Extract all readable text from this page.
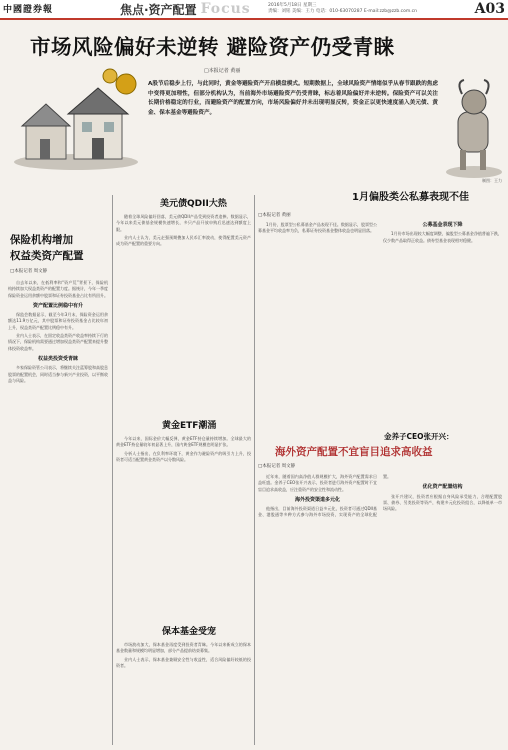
中國證券報	焦点·资产配置 Focus	2016年5月18日 星期三
责编：刘铭 美编：王力 电话：010-63070287 E-mail:zzb@zzb.com.cn	A03
市场风险偏好未逆转 避险资产仍受青睐
□本报记者 黄丽
A股节后稳步上行，与此同时，黄金等避险资产开启横盘模式。短期数据上，全球风险资产情绪似乎从春节跟跌的焦虑中变得更加理性，但部分机构认为，当前海外市场避险资产仍受青睐，标志着风险偏好并未逆转。保险资产可以关注长期价格稳定的行业，而避险资产的配置方向，市场风险偏好并未出现明显反转，资金正以更快速度涌入美元债、黄金、保本基金等避险资产。
制图：王力
保险机构增加
权益类资产配置
□本报记者 周文静

自去年以来，在低利率和“资产荒”背景下，保险机构持续加大权益类资产的配置力度。据统计，今年一季度保险资金运用余额中股票和证券投资基金占比有所回升。

资产配置比例稳中有升

保监会数据显示，截至今年3月末，保险资金运用余额达11.9万亿元，其中股票和证券投资基金占比较年初上升，权益类资产配置比例稳中有升。

业内人士表示，在固定收益类资产收益率持续下行的情况下，保险机构需要通过增加权益类资产配置来提升整体投资收益率。

权益类投资受青睐

多家保险资管公司表示，将继续关注蓝筹股和高股息股票的配置机会，同时适当参与新兴产业投资，以平衡收益与风险。

美元债QDII大热

随着全球风险偏好回落，美元债QDII产品受到投资者追捧。数据显示，今年以来美元债基金规模快速增长，多只产品开放申购后迅速达到额度上限。

业内人士认为，美元走强预期叠加人民币汇率波动，使得配置美元资产成为资产配置的重要方向。

黄金ETF潮涌

今年以来，国际金价大幅反弹，黄金ETF持仓量持续增加。全球最大的黄金ETF持仓量较年初显著上升，国内黄金ETF规模也明显扩张。

分析人士指出，在负利率环境下，黄金作为避险资产的吸引力上升，投资者可适当配置黄金类资产以分散风险。

保本基金受宠

市场波动加大，保本基金再度受到投资者青睐。今年以来新成立的保本基金数量和规模均明显增加，部分产品提前结束募集。

业内人士表示，保本基金兼顾安全性与收益性，适合风险偏好较低的投资者。

1月偏股类公私募表现不佳
□本报记者 黄丽

1月份，股票型公私募基金产品表现不佳。数据显示，股票型公募基金平均收益率为负，私募证券投资基金整体收益也明显回落。

公募基金表现下降

1月份市场出现较大幅度调整，偏股型公募基金净值普遍下跌，仅少数产品取得正收益。债券型基金表现相对稳健。

金养子CEO张开兴：
海外资产配置不宜盲目追求高收益
□本报记者 周文静

近年来，随着国内高净值人群规模扩大，海外资产配置需求日益旺盛。金养子CEO张开兴表示，投资者进行海外资产配置时不宜盲目追求高收益，应注重资产的安全性和流动性。

海外投资渠道多元化

他指出，目前海外投资渠道日益多元化，投资者可通过QDII基金、港股通等多种方式参与海外市场投资，实现资产的全球化配置。

优化资产配置结构

张开兴建议，投资者应根据自身风险承受能力，合理配置股票、债券、另类投资等资产，构建多元化投资组合，以降低单一市场风险。
